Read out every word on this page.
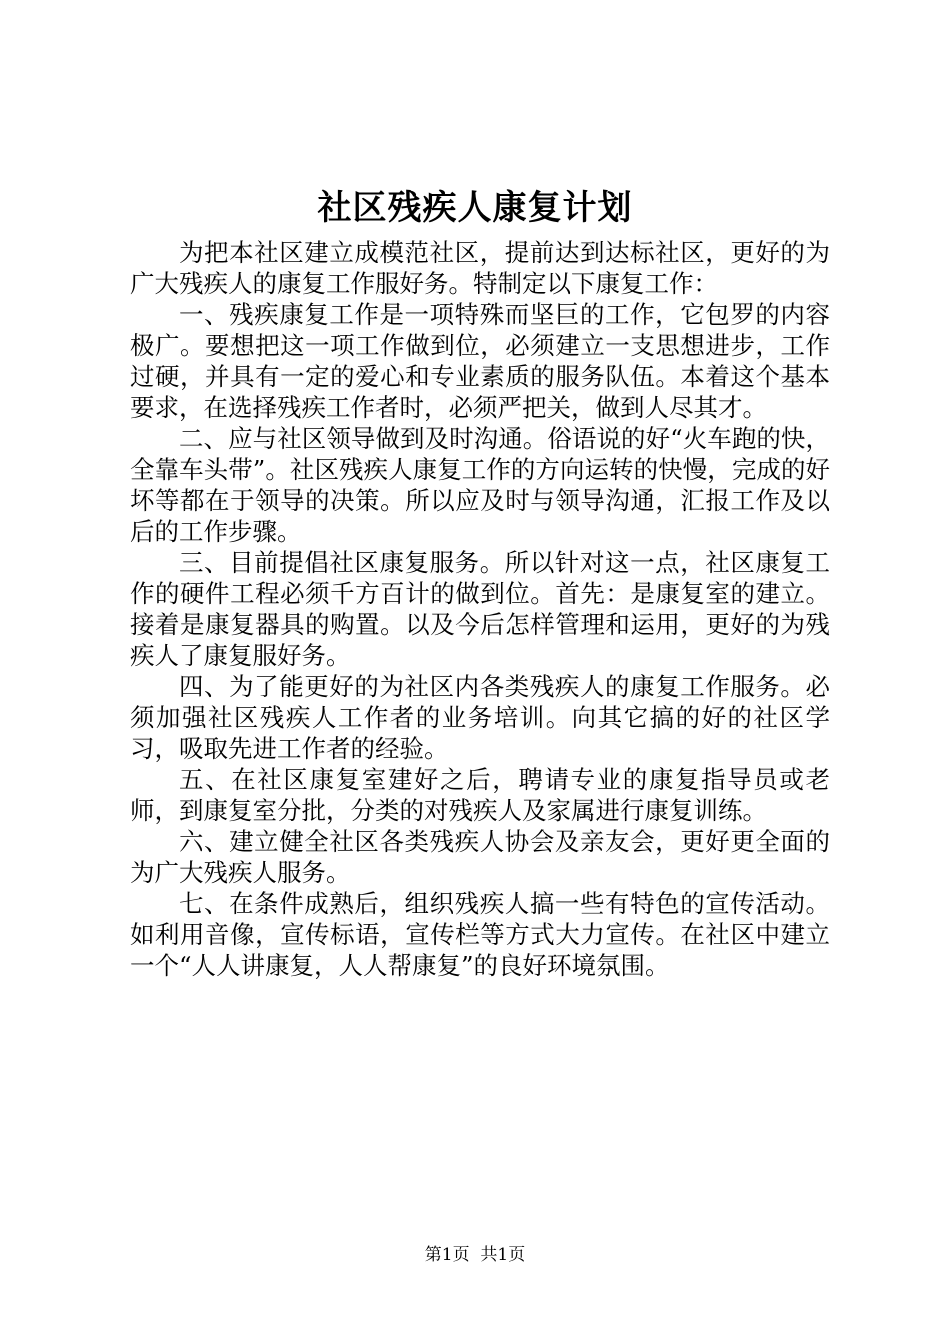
社区残疾人康复计划

为把本社区建立成模范社区，提前达到达标社区，更好的为广大残疾人的康复工作服好务。特制定以下康复工作：

一、残疾康复工作是一项特殊而坚巨的工作，它包罗的内容极广。要想把这一项工作做到位，必须建立一支思想进步，工作过硬，并具有一定的爱心和专业素质的服务队伍。本着这个基本要求，在选择残疾工作者时，必须严把关，做到人尽其才。

二、应与社区领导做到及时沟通。俗语说的好“火车跑的快，全靠车头带”。社区残疾人康复工作的方向运转的快慢，完成的好坏等都在于领导的决策。所以应及时与领导沟通，汇报工作及以后的工作步骤。

三、目前提倡社区康复服务。所以针对这一点，社区康复工作的硬件工程必须千方百计的做到位。首先：是康复室的建立。接着是康复器具的购置。以及今后怎样管理和运用，更好的为残疾人了康复服好务。

四、为了能更好的为社区内各类残疾人的康复工作服务。必须加强社区残疾人工作者的业务培训。向其它搞的好的社区学习，吸取先进工作者的经验。

五、在社区康复室建好之后，聘请专业的康复指导员或老师，到康复室分批，分类的对残疾人及家属进行康复训练。

六、建立健全社区各类残疾人协会及亲友会，更好更全面的为广大残疾人服务。

七、在条件成熟后，组织残疾人搞一些有特色的宣传活动。如利用音像，宣传标语，宣传栏等方式大力宣传。在社区中建立一个“人人讲康复，人人帮康复”的良好环境氛围。

第1页  共1页
